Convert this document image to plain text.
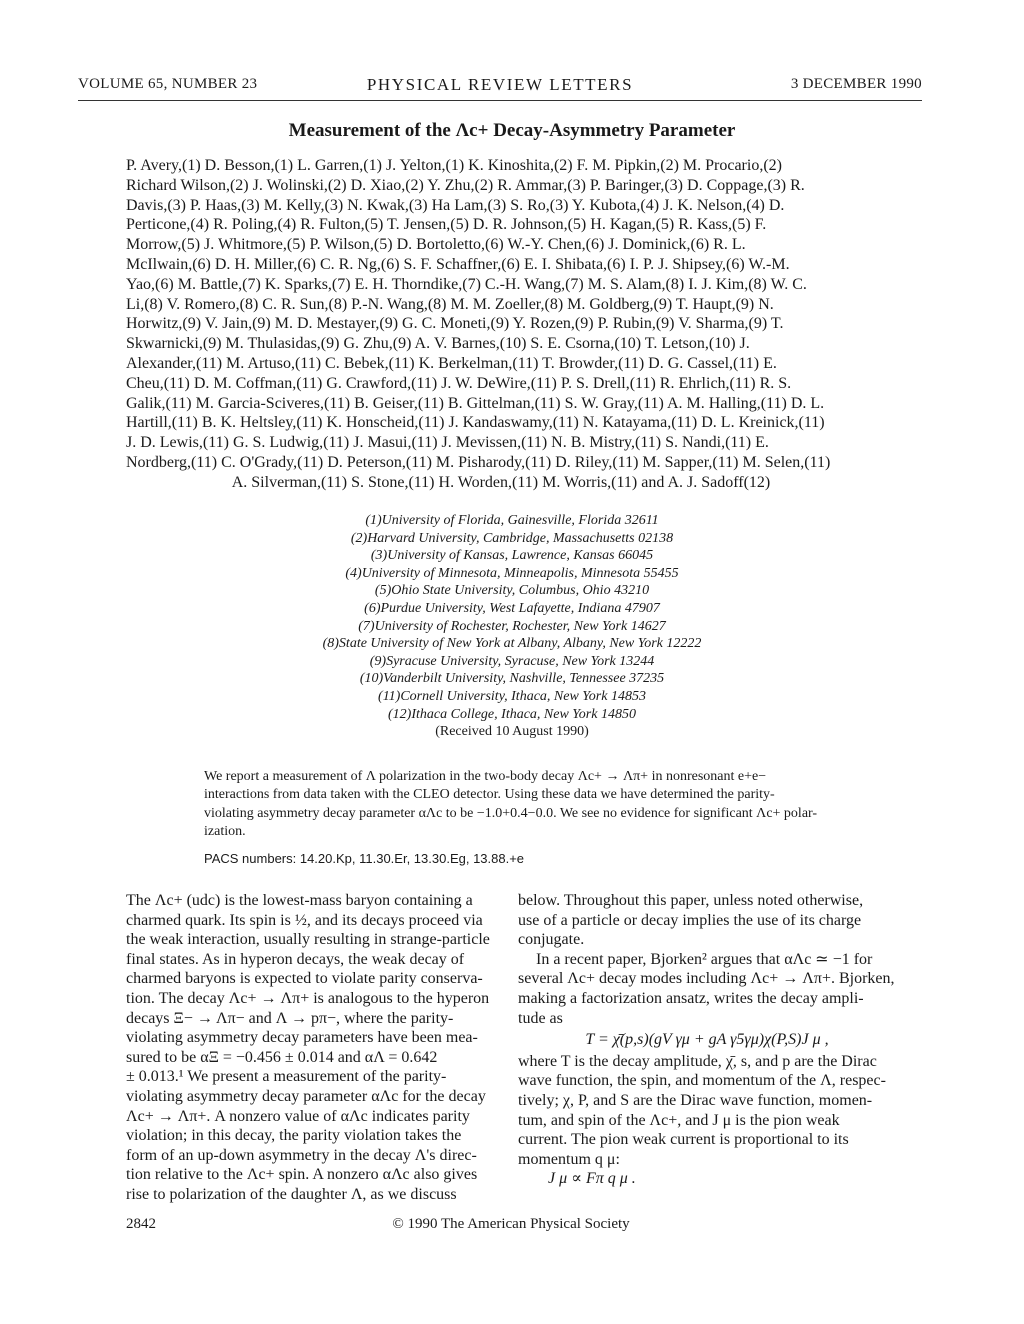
VOLUME 65, NUMBER 23	PHYSICAL REVIEW LETTERS	3 DECEMBER 1990
Measurement of the Λc+ Decay-Asymmetry Parameter
P. Avery,(1) D. Besson,(1) L. Garren,(1) J. Yelton,(1) K. Kinoshita,(2) F. M. Pipkin,(2) M. Procario,(2)
Richard Wilson,(2) J. Wolinski,(2) D. Xiao,(2) Y. Zhu,(2) R. Ammar,(3) P. Baringer,(3) D. Coppage,(3) R.
Davis,(3) P. Haas,(3) M. Kelly,(3) N. Kwak,(3) Ha Lam,(3) S. Ro,(3) Y. Kubota,(4) J. K. Nelson,(4) D.
Perticone,(4) R. Poling,(4) R. Fulton,(5) T. Jensen,(5) D. R. Johnson,(5) H. Kagan,(5) R. Kass,(5) F.
Morrow,(5) J. Whitmore,(5) P. Wilson,(5) D. Bortoletto,(6) W.-Y. Chen,(6) J. Dominick,(6) R. L.
McIlwain,(6) D. H. Miller,(6) C. R. Ng,(6) S. F. Schaffner,(6) E. I. Shibata,(6) I. P. J. Shipsey,(6) W.-M.
Yao,(6) M. Battle,(7) K. Sparks,(7) E. H. Thorndike,(7) C.-H. Wang,(7) M. S. Alam,(8) I. J. Kim,(8) W. C.
Li,(8) V. Romero,(8) C. R. Sun,(8) P.-N. Wang,(8) M. M. Zoeller,(8) M. Goldberg,(9) T. Haupt,(9) N.
Horwitz,(9) V. Jain,(9) M. D. Mestayer,(9) G. C. Moneti,(9) Y. Rozen,(9) P. Rubin,(9) V. Sharma,(9) T.
Skwarnicki,(9) M. Thulasidas,(9) G. Zhu,(9) A. V. Barnes,(10) S. E. Csorna,(10) T. Letson,(10) J.
Alexander,(11) M. Artuso,(11) C. Bebek,(11) K. Berkelman,(11) T. Browder,(11) D. G. Cassel,(11) E.
Cheu,(11) D. M. Coffman,(11) G. Crawford,(11) J. W. DeWire,(11) P. S. Drell,(11) R. Ehrlich,(11) R. S.
Galik,(11) M. Garcia-Sciveres,(11) B. Geiser,(11) B. Gittelman,(11) S. W. Gray,(11) A. M. Halling,(11) D. L.
Hartill,(11) B. K. Heltsley,(11) K. Honscheid,(11) J. Kandaswamy,(11) N. Katayama,(11) D. L. Kreinick,(11)
J. D. Lewis,(11) G. S. Ludwig,(11) J. Masui,(11) J. Mevissen,(11) N. B. Mistry,(11) S. Nandi,(11) E.
Nordberg,(11) C. O'Grady,(11) D. Peterson,(11) M. Pisharody,(11) D. Riley,(11) M. Sapper,(11) M. Selen,(11)
A. Silverman,(11) S. Stone,(11) H. Worden,(11) M. Worris,(11) and A. J. Sadoff(12)
(1)University of Florida, Gainesville, Florida 32611
(2)Harvard University, Cambridge, Massachusetts 02138
(3)University of Kansas, Lawrence, Kansas 66045
(4)University of Minnesota, Minneapolis, Minnesota 55455
(5)Ohio State University, Columbus, Ohio 43210
(6)Purdue University, West Lafayette, Indiana 47907
(7)University of Rochester, Rochester, New York 14627
(8)State University of New York at Albany, Albany, New York 12222
(9)Syracuse University, Syracuse, New York 13244
(10)Vanderbilt University, Nashville, Tennessee 37235
(11)Cornell University, Ithaca, New York 14853
(12)Ithaca College, Ithaca, New York 14850
(Received 10 August 1990)
We report a measurement of Λ polarization in the two-body decay Λc+ → Λπ+ in nonresonant e+e−
interactions from data taken with the CLEO detector. Using these data we have determined the parity-
violating asymmetry decay parameter αΛc to be −1.0+0.4−0.0. We see no evidence for significant Λc+ polar-
ization.
PACS numbers: 14.20.Kp, 11.30.Er, 13.30.Eg, 13.88.+e
The Λc+ (udc) is the lowest-mass baryon containing a
charmed quark. Its spin is ½, and its decays proceed via
the weak interaction, usually resulting in strange-particle
final states. As in hyperon decays, the weak decay of
charmed baryons is expected to violate parity conserva-
tion. The decay Λc+ → Λπ+ is analogous to the hyperon
decays Ξ− → Λπ− and Λ → pπ−, where the parity-
violating asymmetry decay parameters have been mea-
sured to be αΞ = −0.456 ± 0.014 and αΛ = 0.642
± 0.013.¹ We present a measurement of the parity-
violating asymmetry decay parameter αΛc for the decay
Λc+ → Λπ+. A nonzero value of αΛc indicates parity
violation; in this decay, the parity violation takes the
form of an up-down asymmetry in the decay Λ's direc-
tion relative to the Λc+ spin. A nonzero αΛc also gives
rise to polarization of the daughter Λ, as we discuss
below. Throughout this paper, unless noted otherwise,
use of a particle or decay implies the use of its charge
conjugate.
In a recent paper, Bjorken² argues that αΛc ≃ −1 for
several Λc+ decay modes including Λc+ → Λπ+. Bjorken,
making a factorization ansatz, writes the decay ampli-
tude as
T = χ̄(p,s)(gV γμ + gA γ5γμ)χ(P,S)J μ ,
where T is the decay amplitude, χ̄, s, and p are the Dirac
wave function, the spin, and momentum of the Λ, respec-
tively; χ, P, and S are the Dirac wave function, momen-
tum, and spin of the Λc+, and J μ is the pion weak
current. The pion weak current is proportional to its
momentum q μ:
J μ ∝ Fπ q μ .
2842	© 1990 The American Physical Society
